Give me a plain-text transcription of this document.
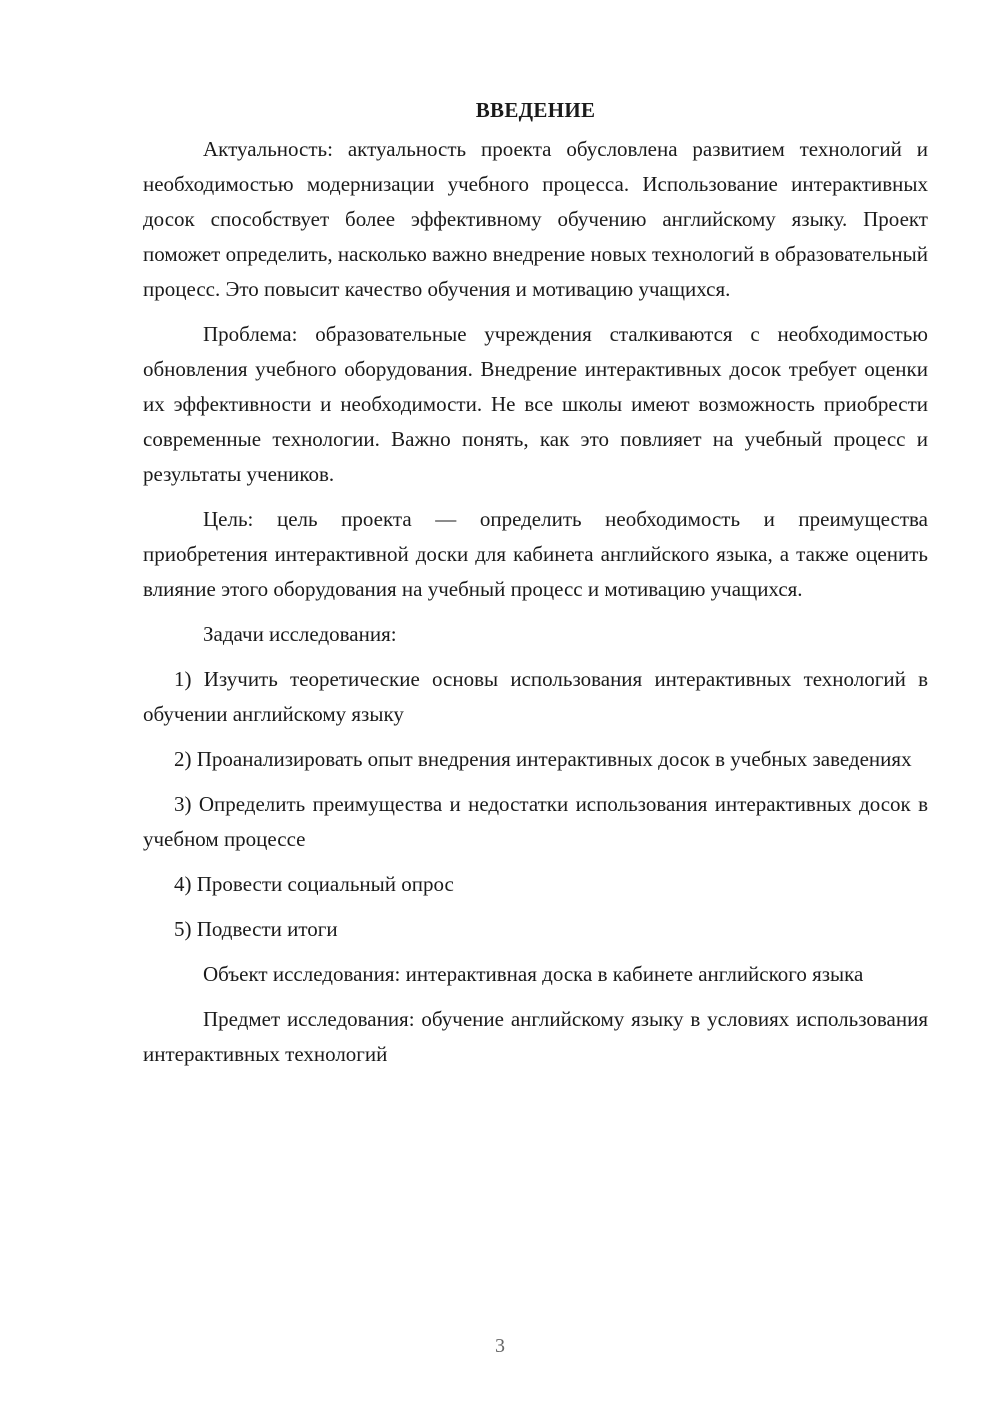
ВВЕДЕНИЕ

Актуальность: актуальность проекта обусловлена развитием технологий и необходимостью модернизации учебного процесса. Использование интерактивных досок способствует более эффективному обучению английскому языку. Проект поможет определить, насколько важно внедрение новых технологий в образовательный процесс. Это повысит качество обучения и мотивацию учащихся.

Проблема: образовательные учреждения сталкиваются с необходимостью обновления учебного оборудования. Внедрение интерактивных досок требует оценки их эффективности и необходимости. Не все школы имеют возможность приобрести современные технологии. Важно понять, как это повлияет на учебный процесс и результаты учеников.

Цель: цель проекта — определить необходимость и преимущества приобретения интерактивной доски для кабинета английского языка, а также оценить влияние этого оборудования на учебный процесс и мотивацию учащихся.

Задачи исследования:

1) Изучить теоретические основы использования интерактивных технологий в обучении английскому языку

2) Проанализировать опыт внедрения интерактивных досок в учебных заведениях

3) Определить преимущества и недостатки использования интерактивных досок в учебном процессе

4) Провести социальный опрос

5) Подвести итоги

Объект исследования: интерактивная доска в кабинете английского языка

Предмет исследования: обучение английскому языку в условиях использования интерактивных технологий

3
